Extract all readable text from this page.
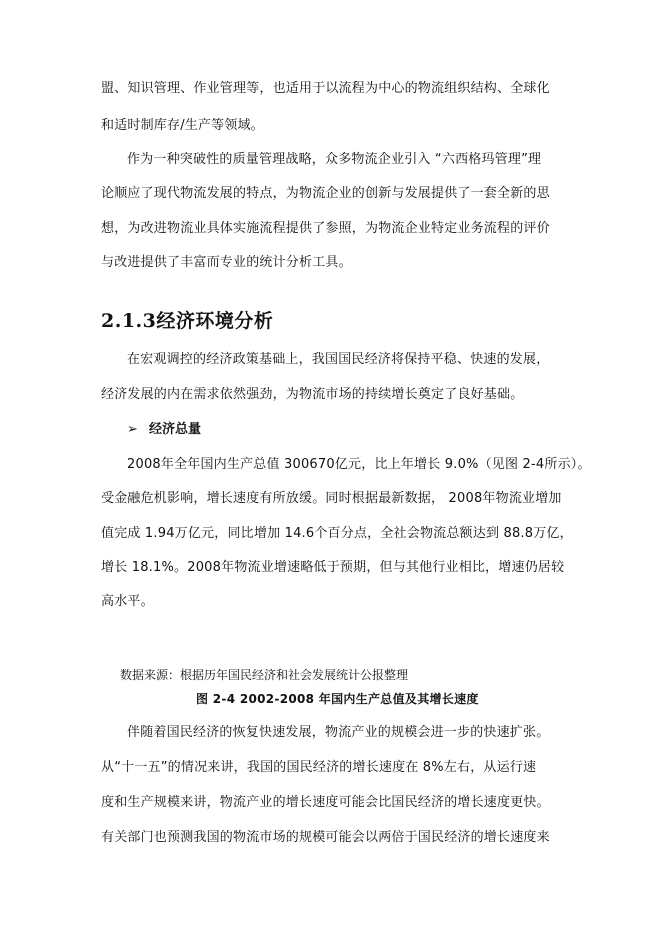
盟、知识管理、作业管理等，也适用于以流程为中心的物流组织结构、全球化
和适时制库存/生产等领域。
作为一种突破性的质量管理战略，众多物流企业引入 “六西格玛管理”理
论顺应了现代物流发展的特点，为物流企业的创新与发展提供了一套全新的思
想，为改进物流业具体实施流程提供了参照，为物流企业特定业务流程的评价
与改进提供了丰富而专业的统计分析工具。
2.1.3经济环境分析
在宏观调控的经济政策基础上，我国国民经济将保持平稳、快速的发展，
经济发展的内在需求依然强劲，为物流市场的持续增长奠定了良好基础。
➢ 经济总量
2008年全年国内生产总值 300670亿元，比上年增长 9.0%（见图 2-4所示）。
受金融危机影响，增长速度有所放缓。同时根据最新数据， 2008年物流业增加
值完成 1.94万亿元，同比增加 14.6个百分点，全社会物流总额达到 88.8万亿，
增长 18.1%。2008年物流业增速略低于预期，但与其他行业相比，增速仍居较
高水平。
数据来源：根据历年国民经济和社会发展统计公报整理
图 2-4 2002-2008 年国内生产总值及其增长速度
伴随着国民经济的恢复快速发展，物流产业的规模会进一步的快速扩张。
从“十一五”的情况来讲，我国的国民经济的增长速度在 8%左右，从运行速
度和生产规模来讲，物流产业的增长速度可能会比国民经济的增长速度更快。
有关部门也预测我国的物流市场的规模可能会以两倍于国民经济的增长速度来
